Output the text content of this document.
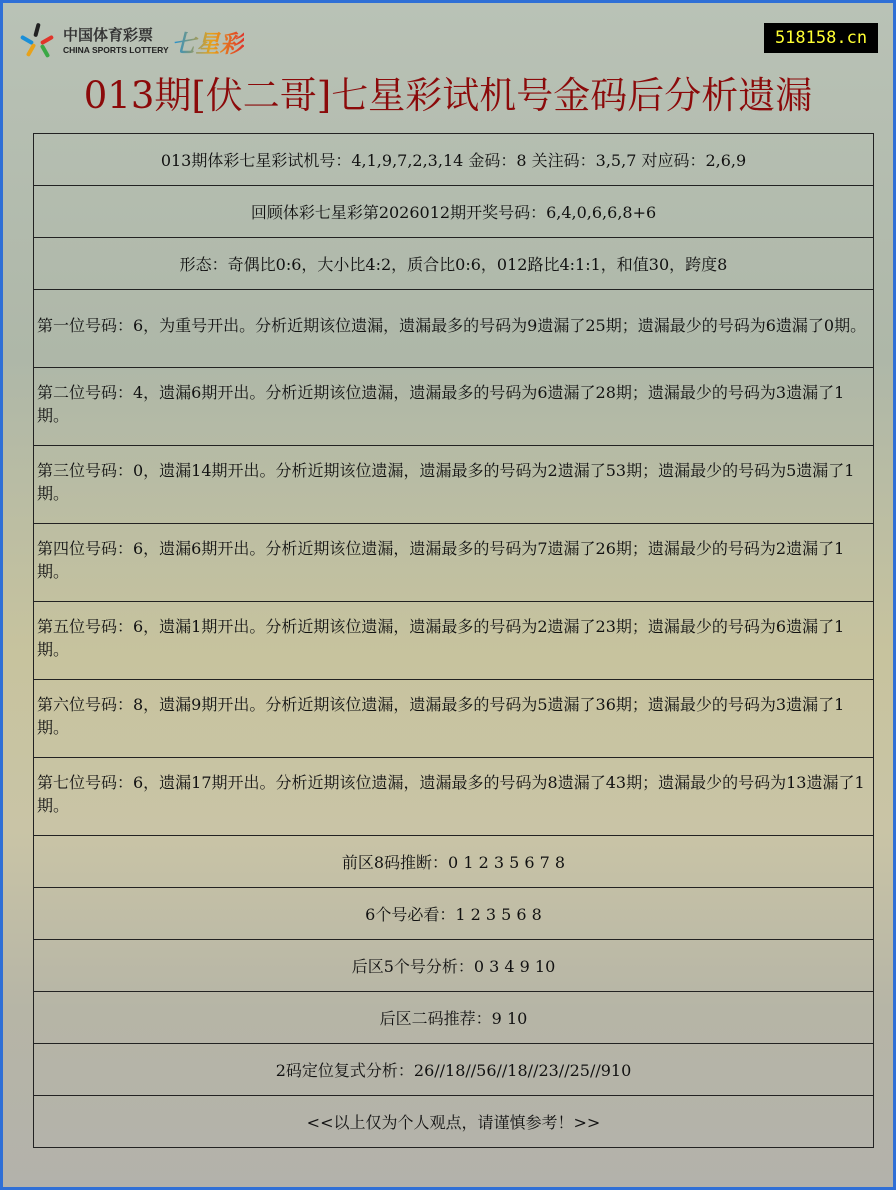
中国体育彩票
CHINA SPORTS LOTTERY 七星彩	518158.cn
013期[伏二哥]七星彩试机号金码后分析遗漏
013期体彩七星彩试机号：4,1,9,7,2,3,14 金码：8 关注码：3,5,7 对应码：2,6,9
回顾体彩七星彩第2026012期开奖号码：6,4,0,6,6,8+6
形态：奇偶比0:6，大小比4:2，质合比0:6，012路比4:1:1，和值30，跨度8
第一位号码：6，为重号开出。分析近期该位遗漏，遗漏最多的号码为9遗漏了25期；遗漏最少的号码为6遗漏了0期。
第二位号码：4，遗漏6期开出。分析近期该位遗漏，遗漏最多的号码为6遗漏了28期；遗漏最少的号码为3遗漏了1期。
第三位号码：0，遗漏14期开出。分析近期该位遗漏，遗漏最多的号码为2遗漏了53期；遗漏最少的号码为5遗漏了1期。
第四位号码：6，遗漏6期开出。分析近期该位遗漏，遗漏最多的号码为7遗漏了26期；遗漏最少的号码为2遗漏了1期。
第五位号码：6，遗漏1期开出。分析近期该位遗漏，遗漏最多的号码为2遗漏了23期；遗漏最少的号码为6遗漏了1期。
第六位号码：8，遗漏9期开出。分析近期该位遗漏，遗漏最多的号码为5遗漏了36期；遗漏最少的号码为3遗漏了1期。
第七位号码：6，遗漏17期开出。分析近期该位遗漏，遗漏最多的号码为8遗漏了43期；遗漏最少的号码为13遗漏了1期。
前区8码推断：0 1 2 3 5 6 7 8
6个号必看：1 2 3 5 6 8
后区5个号分析：0 3 4 9 10
后区二码推荐：9 10
2码定位复式分析：26//18//56//18//23//25//910
<<以上仅为个人观点，请谨慎参考！>>
